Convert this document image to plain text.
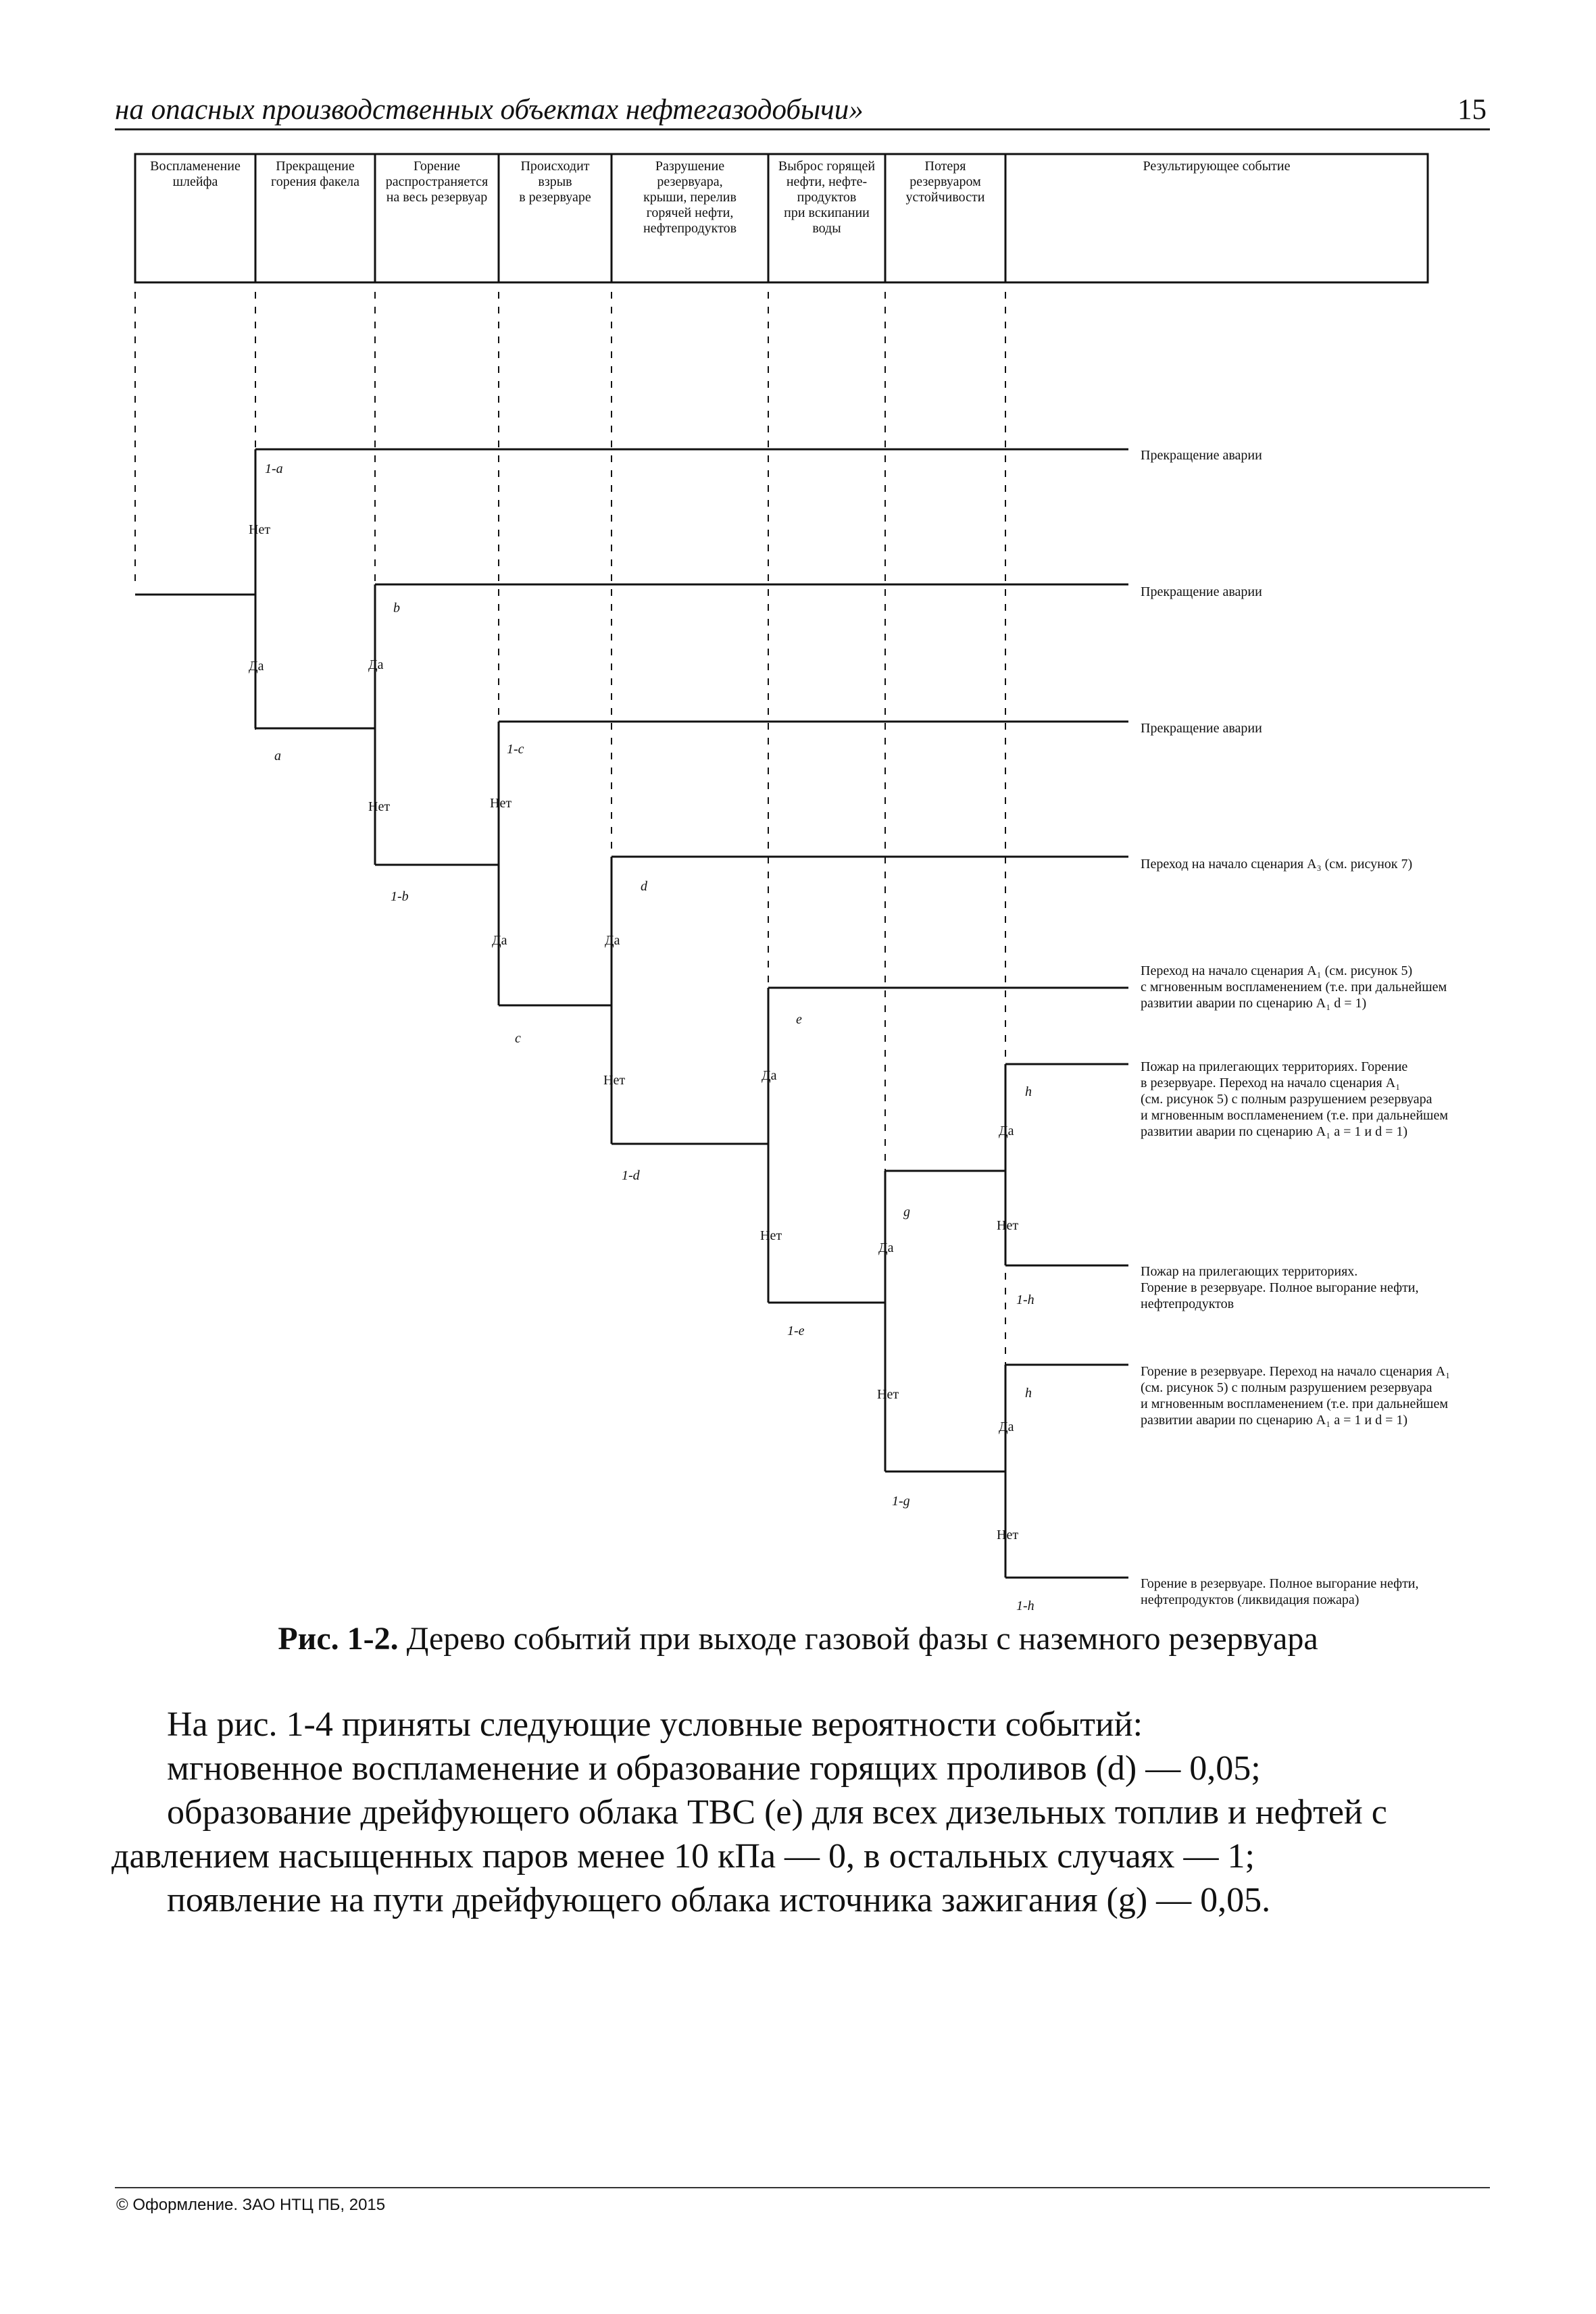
на опасных производственных объектах нефтегазодобычи»	15
Воспламенение
шлейфа
Прекращение
горения факела
Горение
распространяется
на весь резервуар
Происходит
взрыв
в резервуаре
Разрушение
резервуара,
крыши, перелив
горячей нефти,
нефтепродуктов
Выброс горящей
нефти, нефте-
продуктов
при вскипании
воды
Потеря
резервуаром
устойчивости
Результирующее событие
1-a
Нет
Да
a
b
Да
Нет
1-b
1-c
Нет
Да
c
d
Да
Нет
1-d
e
Да
Нет
1-e
g
Да
Нет
1-g
h
Да
Нет
1-h
h
Да
Нет
1-h
Прекращение аварии
Прекращение аварии
Прекращение аварии
Переход на начало сценария А₃ (см. рисунок 7)
Переход на начало сценария А₁ (см. рисунок 5)
с мгновенным воспламенением (т.е. при дальнейшем
развитии аварии по сценарию А₁ d = 1)
Пожар на прилегающих территориях. Горение
в резервуаре. Переход на начало сценария А₁
(см. рисунок 5) с полным разрушением резервуара
и мгновенным воспламенением (т.е. при дальнейшем
развитии аварии по сценарию А₁ a = 1 и d = 1)
Пожар на прилегающих территориях.
Горение в резервуаре. Полное выгорание нефти,
нефтепродуктов
Горение в резервуаре. Переход на начало сценария А₁
(см. рисунок 5) с полным разрушением резервуара
и мгновенным воспламенением (т.е. при дальнейшем
развитии аварии по сценарию А₁ a = 1 и d = 1)
Горение в резервуаре. Полное выгорание нефти,
нефтепродуктов (ликвидация пожара)
Рис. 1-2. Дерево событий при выходе газовой фазы с наземного резервуара

На рис. 1-4 приняты следующие условные вероятности событий:

мгновенное воспламенение и образование горящих проливов (d) — 0,05;

образование дрейфующего облака ТВС (e) для всех дизельных топлив и нефтей с

давлением насыщенных паров менее 10 кПа — 0, в остальных случаях — 1;

появление на пути дрейфующего облака источника зажигания (g) — 0,05.

© Оформление. ЗАО НТЦ ПБ, 2015
